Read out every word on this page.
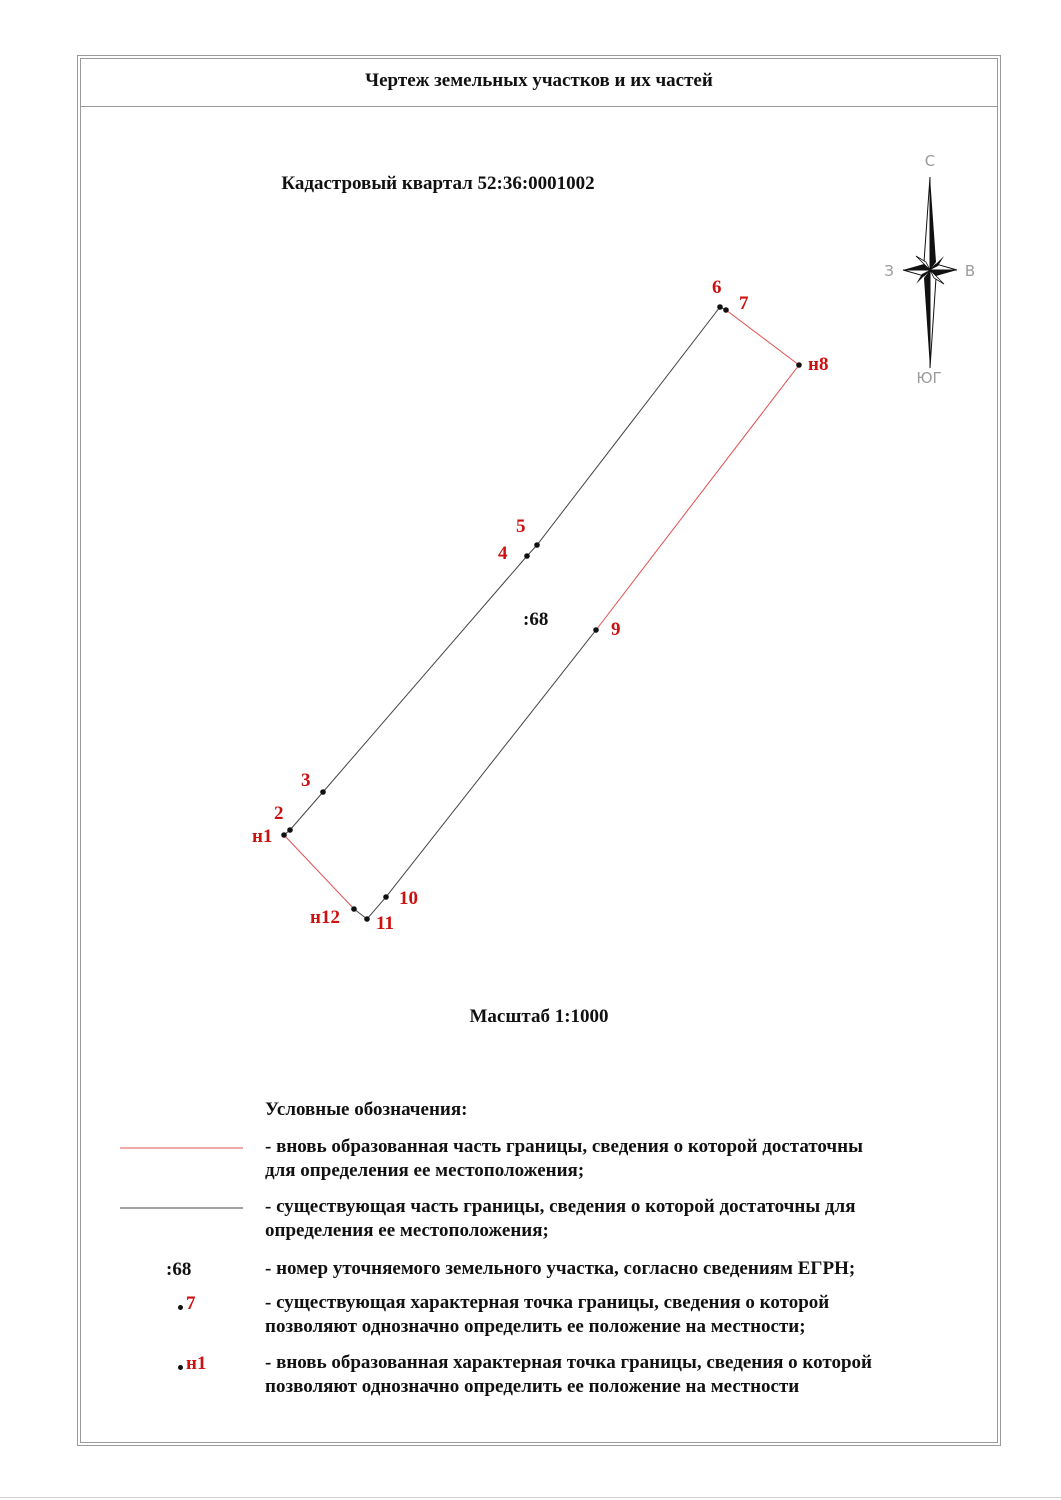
Чертеж земельных участков и их частей
Кадастровый квартал 52:36:0001002
С
ЮГ
З	В
н1
2
3
4
5
6
7
н8
9
10
11
н12
:68
Масштаб 1:1000
Условные обозначения:
- вновь образованная часть границы, сведения о которой достаточны
для определения ее местоположения;
- существующая часть границы, сведения о которой достаточны для
определения ее местоположения;
:68	- номер уточняемого земельного участка, согласно сведениям ЕГРН;
7	- существующая характерная точка границы, сведения о которой
позволяют однозначно определить ее положение на местности;
н1	- вновь образованная характерная точка границы, сведения о которой
позволяют однозначно определить ее положение на местности
